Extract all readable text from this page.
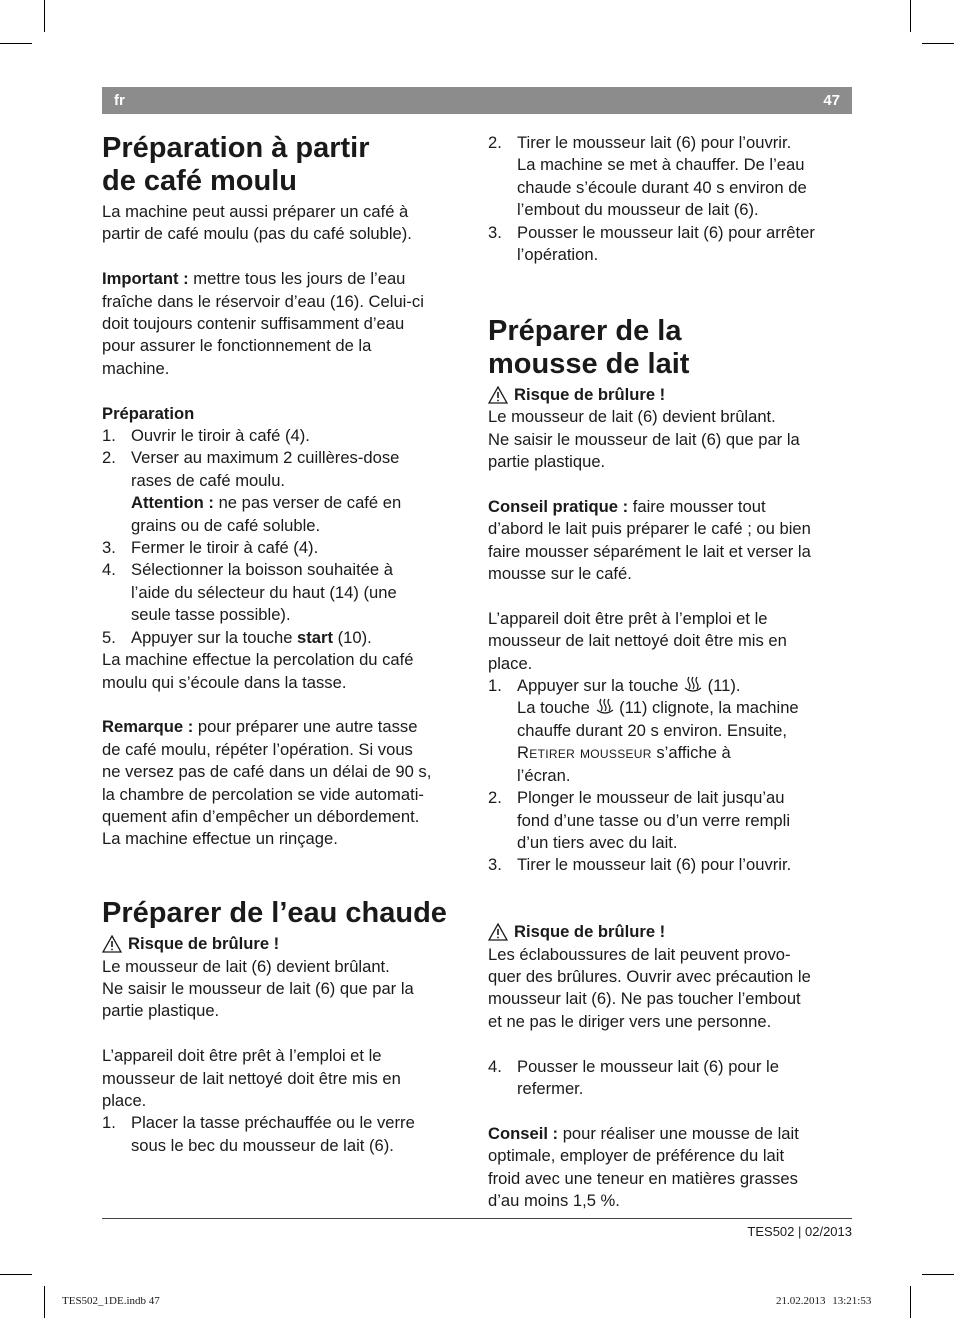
fr	47
Préparation à partir
de café moulu

La machine peut aussi préparer un café à
partir de café moulu (pas du café soluble).

Important : mettre tous les jours de l’eau
fraîche dans le réservoir d’eau (16). Celui-ci
doit toujours contenir suffisamment d’eau
pour assurer le fonctionnement de la
machine.

Préparation

1. Ouvrir le tiroir à café (4).
2. Verser au maximum 2 cuillères-dose
rases de café moulu.
Attention : ne pas verser de café en
grains ou de café soluble.
3. Fermer le tiroir à café (4).
4. Sélectionner la boisson souhaitée à
l’aide du sélecteur du haut (14) (une
seule tasse possible).
5. Appuyer sur la touche start (10).

La machine effectue la percolation du café
moulu qui s’écoule dans la tasse.

Remarque : pour préparer une autre tasse
de café moulu, répéter l’opération. Si vous
ne versez pas de café dans un délai de 90 s,
la chambre de percolation se vide automati-
quement afin d’empêcher un débordement.
La machine effectue un rinçage.

Préparer de l’eau chaude

Risque de brûlure !

Le mousseur de lait (6) devient brûlant.
Ne saisir le mousseur de lait (6) que par la
partie plastique.

L’appareil doit être prêt à l’emploi et le
mousseur de lait nettoyé doit être mis en
place.

1. Placer la tasse préchauffée ou le verre
sous le bec du mousseur de lait (6).
2. Tirer le mousseur lait (6) pour l’ouvrir.
La machine se met à chauffer. De l’eau
chaude s’écoule durant 40 s environ de
l’embout du mousseur de lait (6).
3. Pousser le mousseur lait (6) pour arrêter
l’opération.
Préparer de la
mousse de lait

Risque de brûlure !

Le mousseur de lait (6) devient brûlant.
Ne saisir le mousseur de lait (6) que par la
partie plastique.

Conseil pratique : faire mousser tout
d’abord le lait puis préparer le café ; ou bien
faire mousser séparément le lait et verser la
mousse sur le café.

L’appareil doit être prêt à l’emploi et le
mousseur de lait nettoyé doit être mis en
place.

1. Appuyer sur la touche  (11).
La touche  (11) clignote, la machine
chauffe durant 20 s environ. Ensuite,
Retirer mousseur s’affiche à
l’écran.
2. Plonger le mousseur de lait jusqu’au
fond d’une tasse ou d’un verre rempli
d’un tiers avec du lait.
3. Tirer le mousseur lait (6) pour l’ouvrir.

Risque de brûlure !

Les éclaboussures de lait peuvent provo-
quer des brûlures. Ouvrir avec précaution le
mousseur lait (6). Ne pas toucher l’embout
et ne pas le diriger vers une personne.

4. Pousser le mousseur lait (6) pour le
refermer.

Conseil : pour réaliser une mousse de lait
optimale, employer de préférence du lait
froid avec une teneur en matières grasses
d’au moins 1,5 %.

TES502 | 02/2013
TES502_1DE.indb 47	21.02.2013 13:21:53
